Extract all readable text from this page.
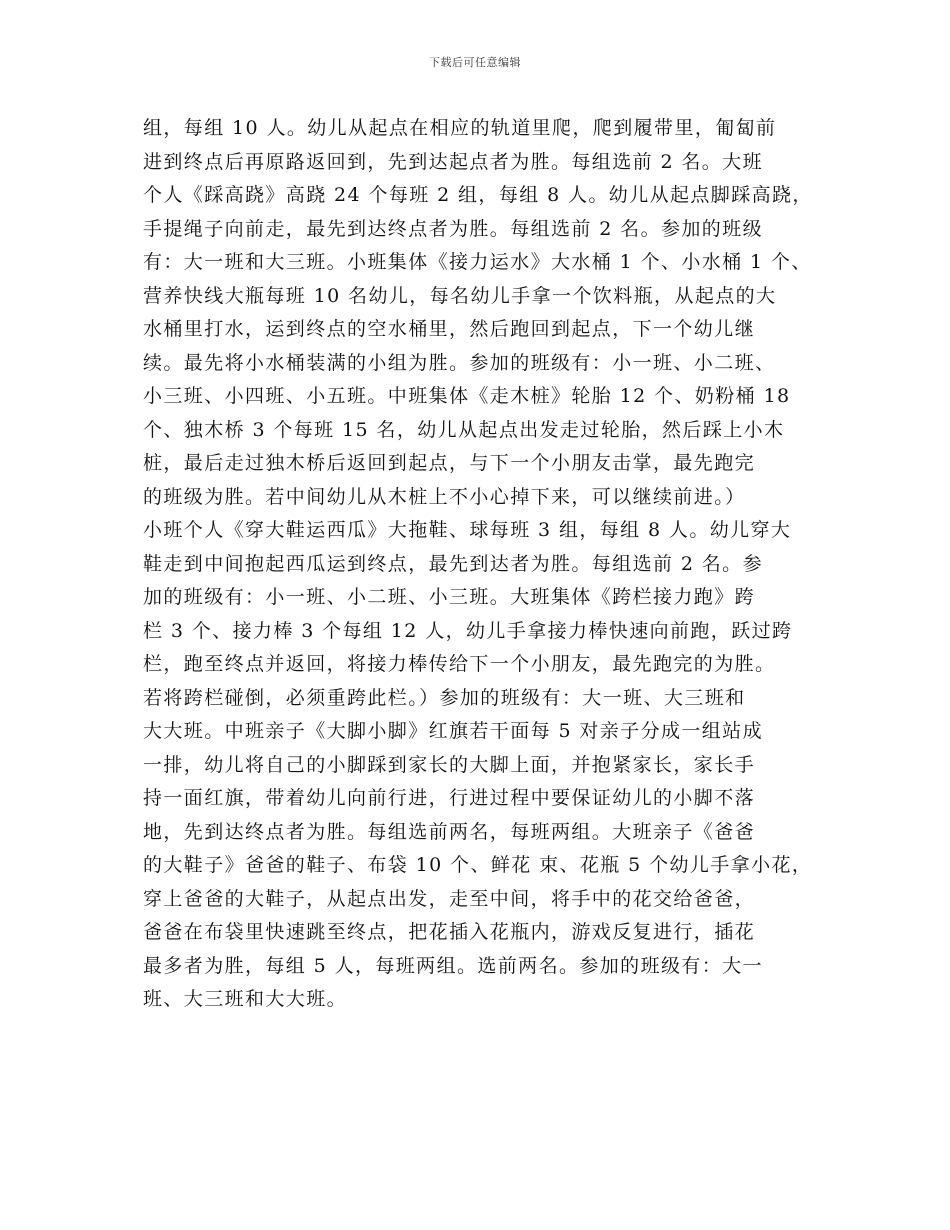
下载后可任意编辑
组，每组 10 人。幼儿从起点在相应的轨道里爬，爬到履带里，匍匐前
进到终点后再原路返回到，先到达起点者为胜。每组选前 2 名。大班
个人《踩高跷》高跷 24 个每班 2 组，每组 8 人。幼儿从起点脚踩高跷，
手提绳子向前走，最先到达终点者为胜。每组选前 2 名。参加的班级
有：大一班和大三班。小班集体《接力运水》大水桶 1 个、小水桶 1 个、
营养快线大瓶每班 10 名幼儿，每名幼儿手拿一个饮料瓶，从起点的大
水桶里打水，运到终点的空水桶里，然后跑回到起点，下一个幼儿继
续。最先将小水桶装满的小组为胜。参加的班级有：小一班、小二班、
小三班、小四班、小五班。中班集体《走木桩》轮胎 12 个、奶粉桶 18
个、独木桥 3 个每班 15 名，幼儿从起点出发走过轮胎，然后踩上小木
桩，最后走过独木桥后返回到起点，与下一个小朋友击掌，最先跑完
的班级为胜。若中间幼儿从木桩上不小心掉下来，可以继续前进。）
小班个人《穿大鞋运西瓜》大拖鞋、球每班 3 组，每组 8 人。幼儿穿大
鞋走到中间抱起西瓜运到终点，最先到达者为胜。每组选前 2 名。参
加的班级有：小一班、小二班、小三班。大班集体《跨栏接力跑》跨
栏 3 个、接力棒 3 个每组 12 人，幼儿手拿接力棒快速向前跑，跃过跨
栏，跑至终点并返回，将接力棒传给下一个小朋友，最先跑完的为胜。
若将跨栏碰倒，必须重跨此栏。）参加的班级有：大一班、大三班和
大大班。中班亲子《大脚小脚》红旗若干面每 5 对亲子分成一组站成
一排，幼儿将自己的小脚踩到家长的大脚上面，并抱紧家长，家长手
持一面红旗，带着幼儿向前行进，行进过程中要保证幼儿的小脚不落
地，先到达终点者为胜。每组选前两名，每班两组。大班亲子《爸爸
的大鞋子》爸爸的鞋子、布袋 10 个、鲜花 束、花瓶 5 个幼儿手拿小花，
穿上爸爸的大鞋子，从起点出发，走至中间，将手中的花交给爸爸，
爸爸在布袋里快速跳至终点，把花插入花瓶内，游戏反复进行，插花
最多者为胜，每组 5 人，每班两组。选前两名。参加的班级有：大一
班、大三班和大大班。
